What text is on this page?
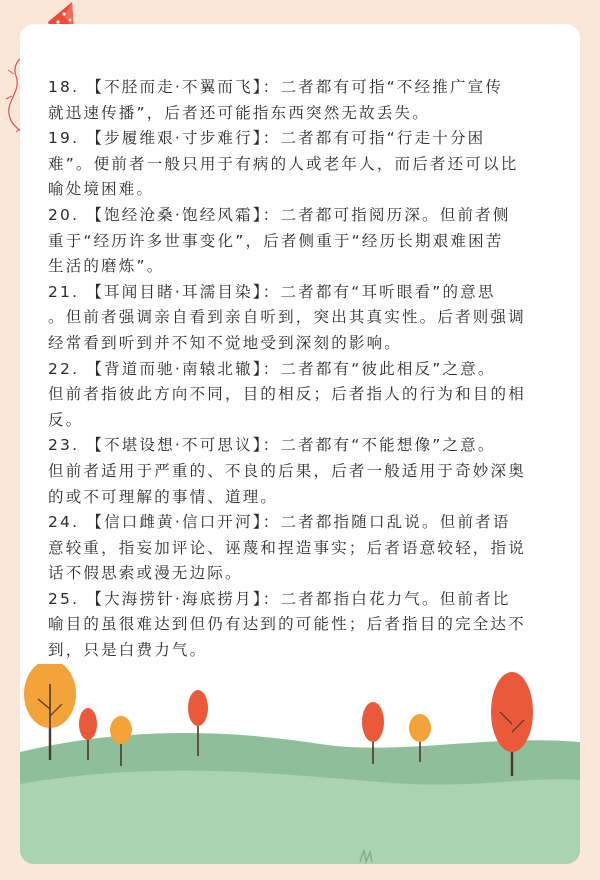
18. 【不胫而走·不翼而飞】：二者都有可指“不经推广宣传

就迅速传播”，后者还可能指东西突然无故丢失。

19. 【步履维艰·寸步难行】：二者都有可指“行走十分困

难”。便前者一般只用于有病的人或老年人，而后者还可以比

喻处境困难。

20. 【饱经沧桑·饱经风霜】：二者都可指阅历深。但前者侧

重于“经历许多世事变化”，后者侧重于“经历长期艰难困苦

生活的磨炼”。

21. 【耳闻目睹·耳濡目染】：二者都有“耳听眼看”的意思

。但前者强调亲自看到亲自听到，突出其真实性。后者则强调

经常看到听到并不知不觉地受到深刻的影响。

22. 【背道而驰·南辕北辙】：二者都有“彼此相反”之意。

但前者指彼此方向不同，目的相反；后者指人的行为和目的相

反。

23. 【不堪设想·不可思议】：二者都有“不能想像”之意。

但前者适用于严重的、不良的后果，后者一般适用于奇妙深奥

的或不可理解的事情、道理。

24. 【信口雌黄·信口开河】：二者都指随口乱说。但前者语

意较重，指妄加评论、诬蔑和捏造事实；后者语意较轻，指说

话不假思索或漫无边际。

25. 【大海捞针·海底捞月】：二者都指白花力气。但前者比

喻目的虽很难达到但仍有达到的可能性；后者指目的完全达不

到，只是白费力气。
